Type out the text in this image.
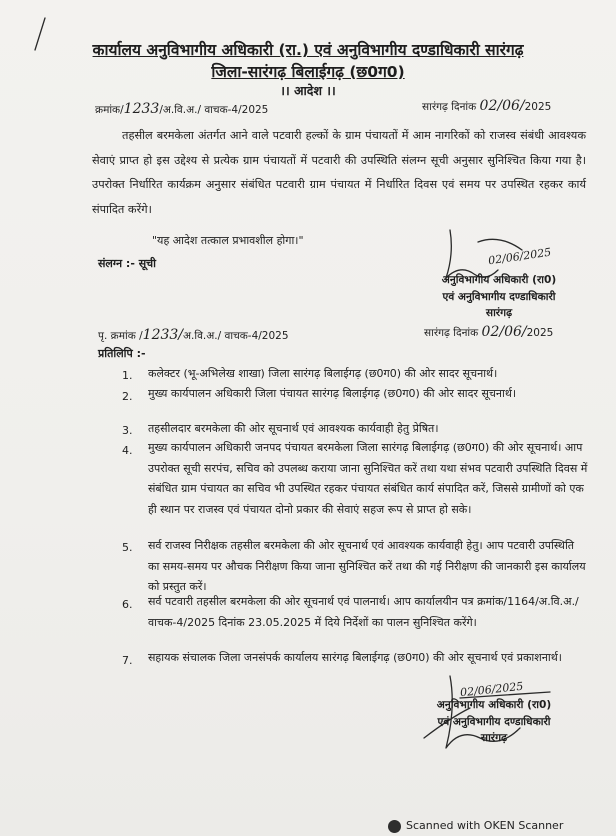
कार्यालय अनुविभागीय अधिकारी (रा.) एवं अनुविभागीय दण्डाधिकारी सारंगढ़
जिला-सारंगढ़ बिलाईगढ़ (छ0ग0)
।। आदेश ।।
क्रमांक/1233/अ.वि.अ./ वाचक-4/2025	सारंगढ़ दिनांक 02/06/2025
तहसील बरमकेला अंतर्गत आने वाले पटवारी हल्कों के ग्राम पंचायतों में आम नागरिकों को राजस्व संबंधी आवश्यक सेवाएं प्राप्त हो इस उद्देश्य से प्रत्येक ग्राम पंचायतों में पटवारी की उपस्थिति संलग्न सूची अनुसार सुनिश्चित किया गया है। उपरोक्त निर्धारित कार्यक्रम अनुसार संबंधित पटवारी ग्राम पंचायत में निर्धारित दिवस एवं समय पर उपस्थित रहकर कार्य संपादित करेंगे।
"यह आदेश तत्काल प्रभावशील होगा।"
संलग्न :- सूची	02/06/2025
अनुविभागीय अधिकारी (रा0)
एवं अनुविभागीय दण्डाधिकारी
सारंगढ़
पृ. क्रमांक /1233/अ.वि.अ./ वाचक-4/2025	सारंगढ़ दिनांक 02/06/2025
प्रतिलिपि :-
1. कलेक्टर (भू-अभिलेख शाखा) जिला सारंगढ़ बिलाईगढ़ (छ0ग0) की ओर सादर सूचनार्थ।
2. मुख्य कार्यपालन अधिकारी जिला पंचायत सारंगढ़ बिलाईगढ़ (छ0ग0) की ओर सादर सूचनार्थ।
3. तहसीलदार बरमकेला की ओर सूचनार्थ एवं आवश्यक कार्यवाही हेतु प्रेषित।
4. मुख्य कार्यपालन अधिकारी जनपद पंचायत बरमकेला जिला सारंगढ़ बिलाईगढ़ (छ0ग0) की ओर सूचनार्थ। आप उपरोक्त सूची सरपंच, सचिव को उपलब्ध कराया जाना सुनिश्चित करें तथा यथा संभव पटवारी उपस्थिति दिवस में संबंधित ग्राम पंचायत का सचिव भी उपस्थित रहकर पंचायत संबंधित कार्य संपादित करें, जिससे ग्रामीणों को एक ही स्थान पर राजस्व एवं पंचायत दोनो प्रकार की सेवाएं सहज रूप से प्राप्त हो सके।
5. सर्व राजस्व निरीक्षक तहसील बरमकेला की ओर सूचनार्थ एवं आवश्यक कार्यवाही हेतु। आप पटवारी उपस्थिति का समय-समय पर औचक निरीक्षण किया जाना सुनिश्चित करें तथा की गई निरीक्षण की जानकारी इस कार्यालय को प्रस्तुत करें।
6. सर्व पटवारी तहसील बरमकेला की ओर सूचनार्थ एवं पालनार्थ। आप कार्यालयीन पत्र क्रमांक/1164/अ.वि.अ./वाचक-4/2025 दिनांक 23.05.2025 में दिये निर्देशों का पालन सुनिश्चित करेंगे।
7. सहायक संचालक जिला जनसंपर्क कार्यालय सारंगढ़ बिलाईगढ़ (छ0ग0) की ओर सूचनार्थ एवं प्रकाशनार्थ।
02/06/2025
अनुविभागीय अधिकारी (रा0)
एवं अनुविभागीय दण्डाधिकारी
सारंगढ़
Scanned with OKEN Scanner
